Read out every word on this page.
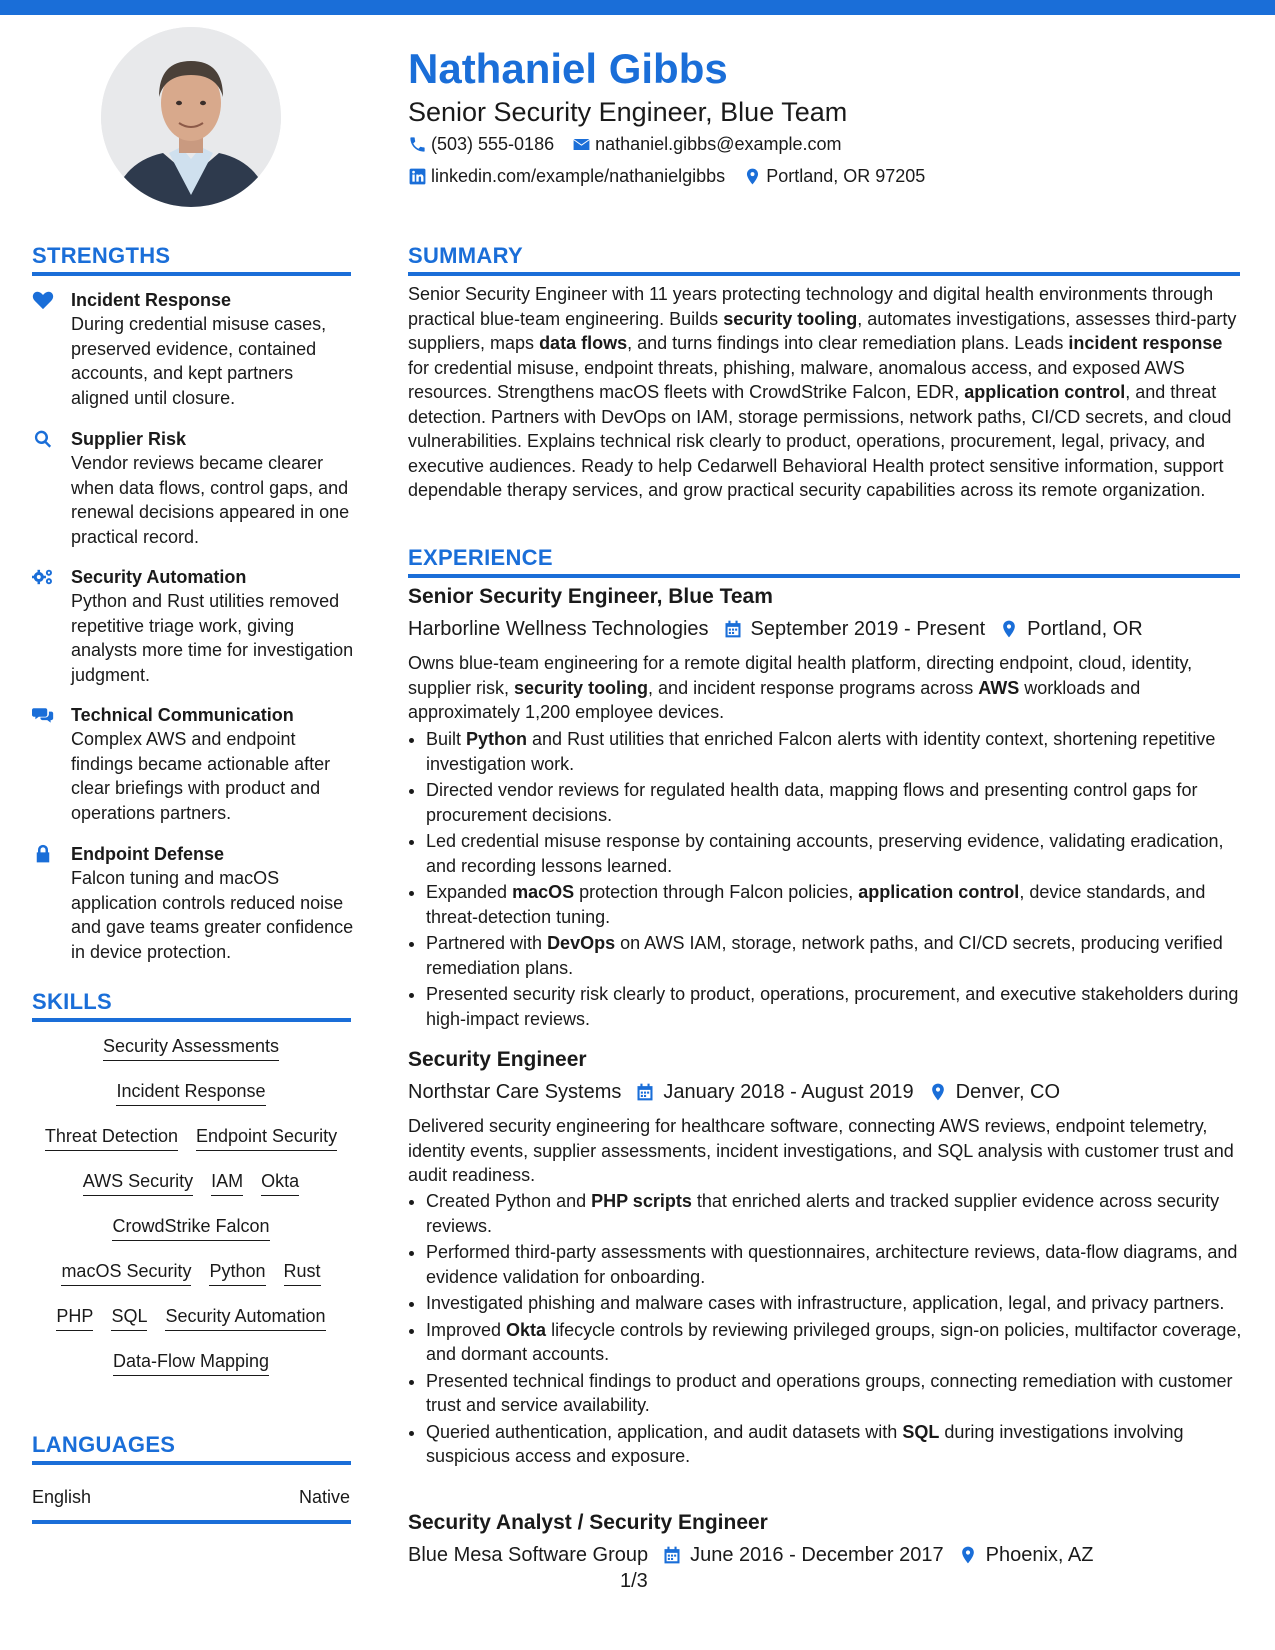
Nathaniel Gibbs
Senior Security Engineer, Blue Team
(503) 555-0186 nathaniel.gibbs@example.com
linkedin.com/example/nathanielgibbs Portland, OR 97205
STRENGTHS
Incident Response
During credential misuse cases, preserved evidence, contained accounts, and kept partners aligned until closure.
Supplier Risk
Vendor reviews became clearer when data flows, control gaps, and renewal decisions appeared in one practical record.
Security Automation
Python and Rust utilities removed repetitive triage work, giving analysts more time for investigation judgment.
Technical Communication
Complex AWS and endpoint findings became actionable after clear briefings with product and operations partners.
Endpoint Defense
Falcon tuning and macOS application controls reduced noise and gave teams greater confidence in device protection.
SKILLS
Security Assessments
Incident Response
Threat Detection Endpoint Security
AWS Security IAM Okta
CrowdStrike Falcon
macOS Security Python Rust
PHP SQL Security Automation
Data-Flow Mapping
LANGUAGES
English	Native
SUMMARY

Senior Security Engineer with 11 years protecting technology and digital health environments through practical blue-team engineering. Builds security tooling, automates investigations, assesses third-party suppliers, maps data flows, and turns findings into clear remediation plans. Leads incident response for credential misuse, endpoint threats, phishing, malware, anomalous access, and exposed AWS resources. Strengthens macOS fleets with CrowdStrike Falcon, EDR, application control, and threat detection. Partners with DevOps on IAM, storage permissions, network paths, CI/CD secrets, and cloud vulnerabilities. Explains technical risk clearly to product, operations, procurement, legal, privacy, and executive audiences. Ready to help Cedarwell Behavioral Health protect sensitive information, support dependable therapy services, and grow practical security capabilities across its remote organization.

EXPERIENCE
Senior Security Engineer, Blue Team
Harborline Wellness Technologies September 2019 - Present Portland, OR
Owns blue-team engineering for a remote digital health platform, directing endpoint, cloud, identity, supplier risk, security tooling, and incident response programs across AWS workloads and approximately 1,200 employee devices.
• Built Python and Rust utilities that enriched Falcon alerts with identity context, shortening repetitive investigation work.
• Directed vendor reviews for regulated health data, mapping flows and presenting control gaps for procurement decisions.
• Led credential misuse response by containing accounts, preserving evidence, validating eradication, and recording lessons learned.
• Expanded macOS protection through Falcon policies, application control, device standards, and threat-detection tuning.
• Partnered with DevOps on AWS IAM, storage, network paths, and CI/CD secrets, producing verified remediation plans.
• Presented security risk clearly to product, operations, procurement, and executive stakeholders during high-impact reviews.
Security Engineer
Northstar Care Systems January 2018 - August 2019 Denver, CO
Delivered security engineering for healthcare software, connecting AWS reviews, endpoint telemetry, identity events, supplier assessments, incident investigations, and SQL analysis with customer trust and audit readiness.
• Created Python and PHP scripts that enriched alerts and tracked supplier evidence across security reviews.
• Performed third-party assessments with questionnaires, architecture reviews, data-flow diagrams, and evidence validation for onboarding.
• Investigated phishing and malware cases with infrastructure, application, legal, and privacy partners.
• Improved Okta lifecycle controls by reviewing privileged groups, sign-on policies, multifactor coverage, and dormant accounts.
• Presented technical findings to product and operations groups, connecting remediation with customer trust and service availability.
• Queried authentication, application, and audit datasets with SQL during investigations involving suspicious access and exposure.
Security Analyst / Security Engineer
Blue Mesa Software Group June 2016 - December 2017 Phoenix, AZ
1/3
